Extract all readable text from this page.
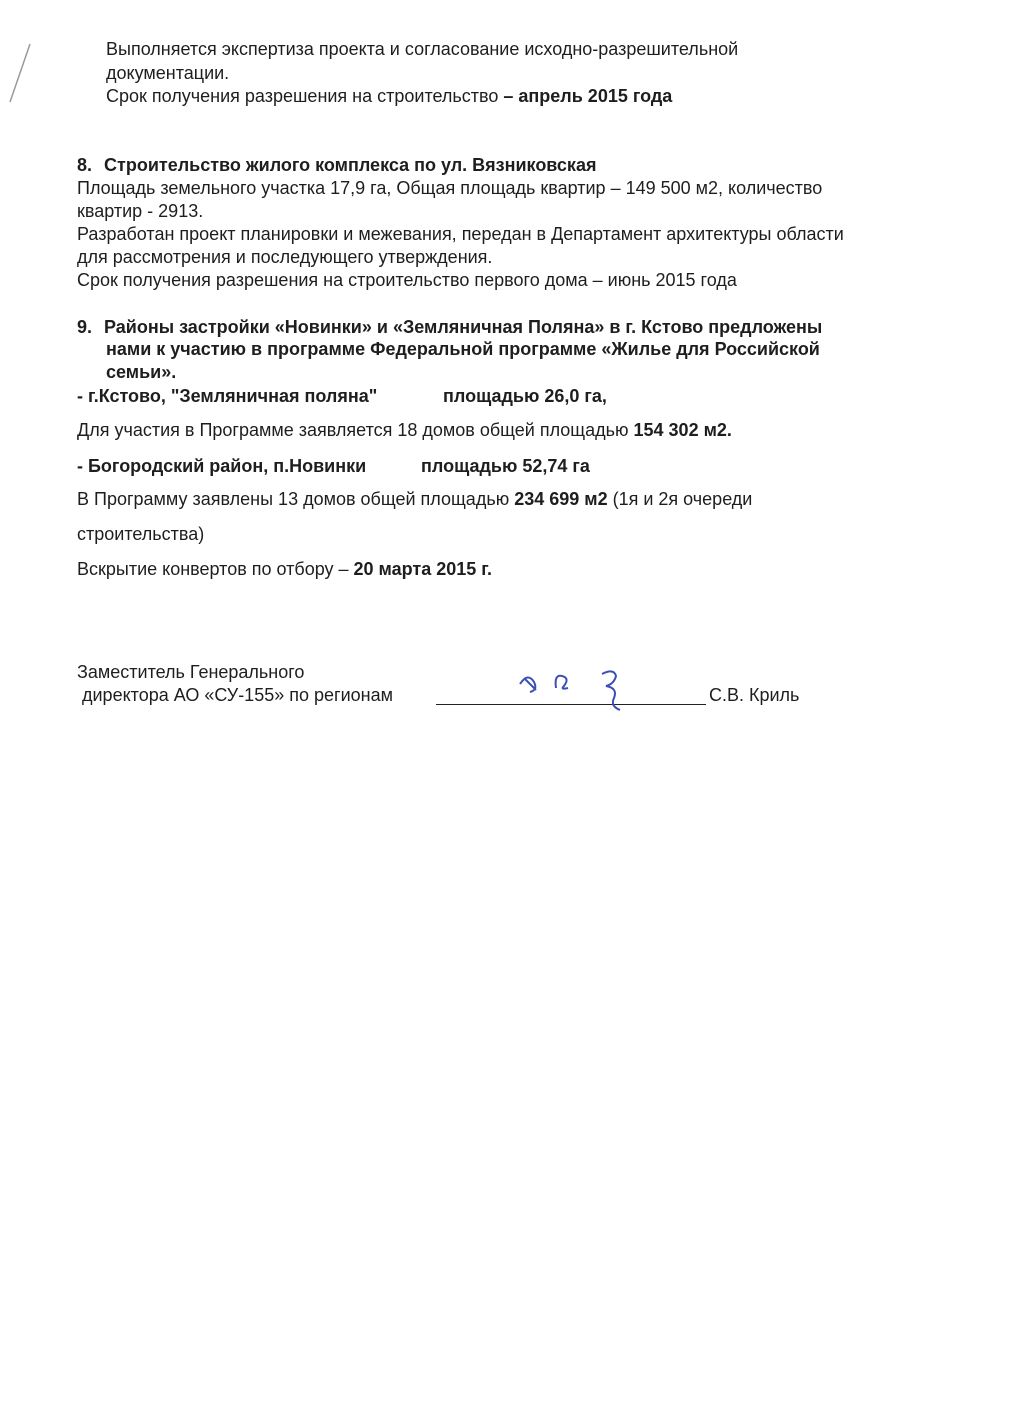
Выполняется экспертиза проекта и согласование исходно-разрешительной
документации.
Срок получения разрешения на строительство – апрель 2015 года
8. Строительство жилого комплекса по ул. Вязниковская
Площадь земельного участка 17,9 га, Общая площадь квартир – 149 500 м2, количество
квартир - 2913.
Разработан проект планировки и межевания, передан в Департамент архитектуры области
для рассмотрения и последующего утверждения.
Срок получения разрешения на строительство первого дома – июнь 2015 года
9. Районы застройки «Новинки» и «Земляничная Поляна» в г. Кстово предложены
нами к участию в программе Федеральной программе «Жилье для Российской
семьи».
- г.Кстово, "Земляничная поляна"	площадью 26,0 га,
Для участия в Программе заявляется 18 домов общей площадью 154 302 м2.
- Богородский район, п.Новинки	площадью 52,74 га
В Программу заявлены 13 домов общей площадью 234 699 м2 (1я и 2я очереди
строительства)
Вскрытие конвертов по отбору – 20 марта 2015 г.
Заместитель Генерального
директора АО «СУ-155» по регионам	С.В. Криль
